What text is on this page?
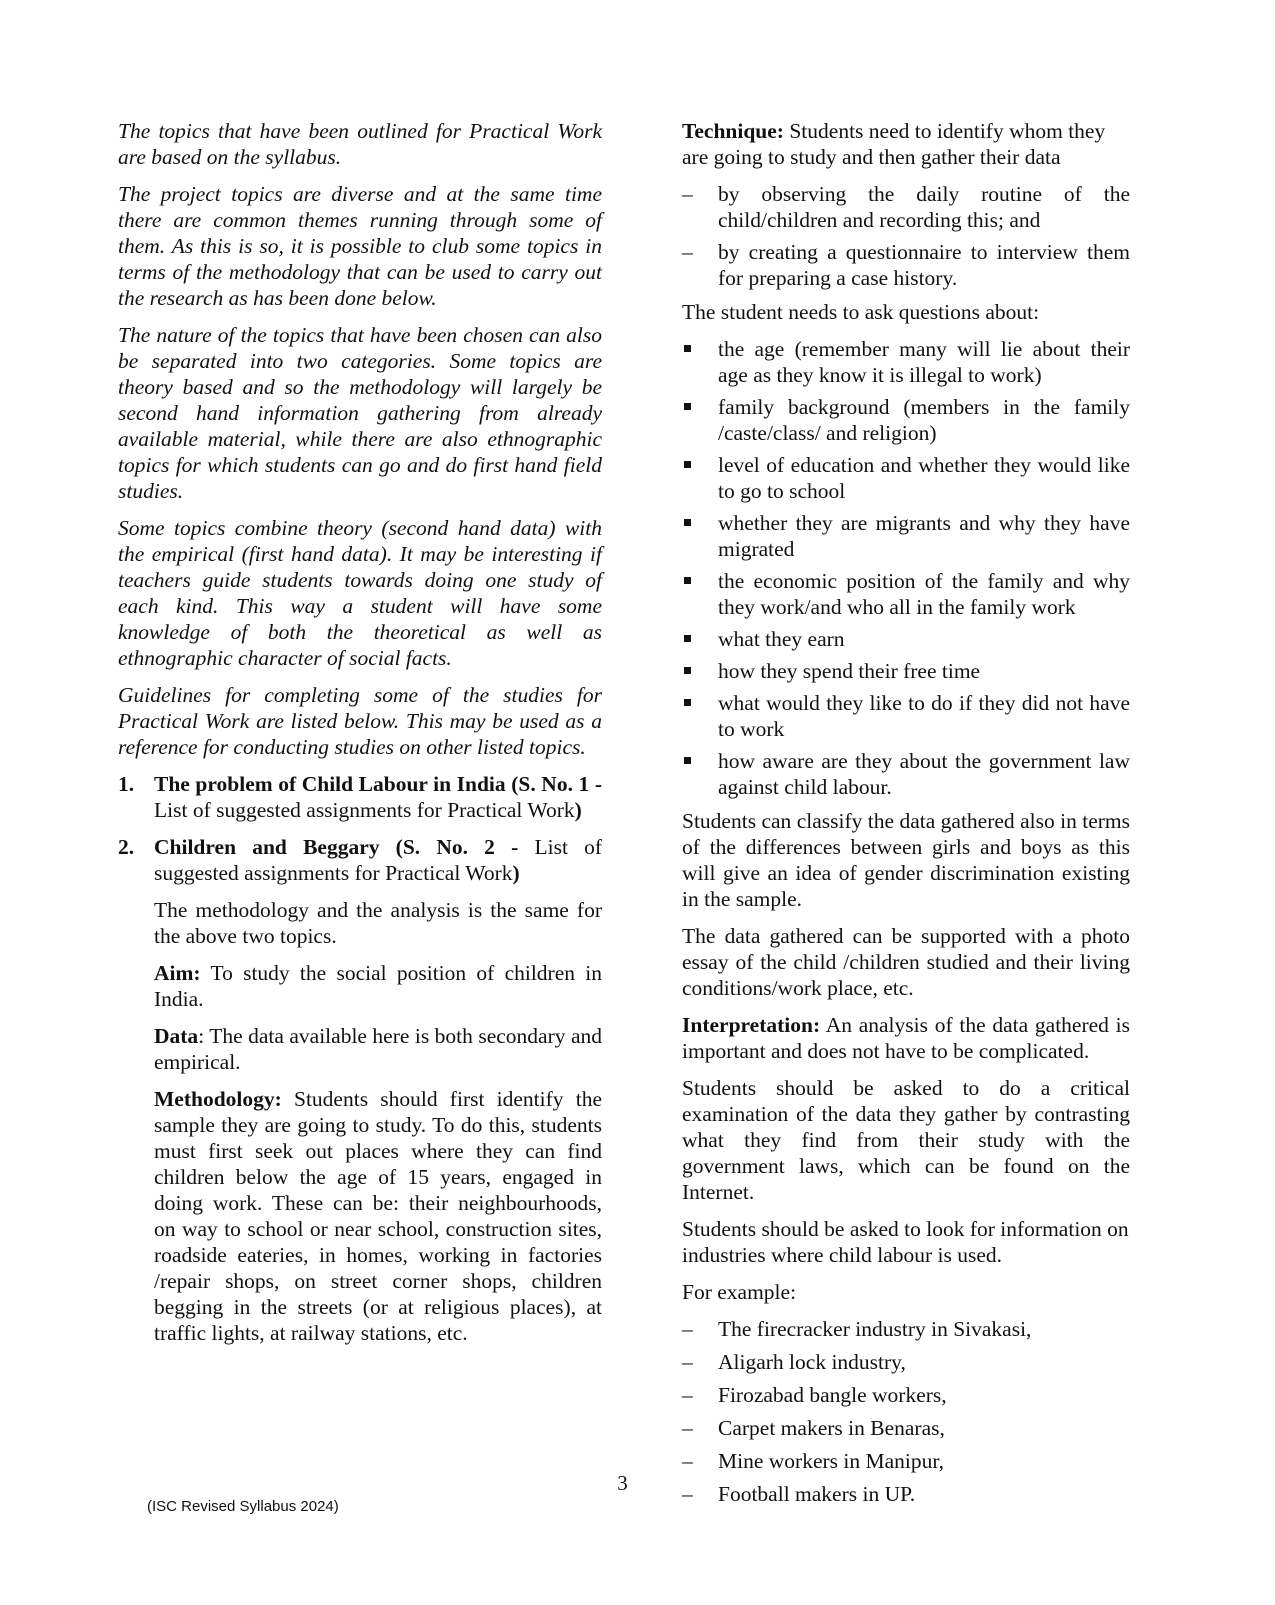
The topics that have been outlined for Practical Work are based on the syllabus.

The project topics are diverse and at the same time there are common themes running through some of them. As this is so, it is possible to club some topics in terms of the methodology that can be used to carry out the research as has been done below.

The nature of the topics that have been chosen can also be separated into two categories. Some topics are theory based and so the methodology will largely be second hand information gathering from already available material, while there are also ethnographic topics for which students can go and do first hand field studies.

Some topics combine theory (second hand data) with the empirical (first hand data). It may be interesting if teachers guide students towards doing one study of each kind. This way a student will have some knowledge of both the theoretical as well as ethnographic character of social facts.

Guidelines for completing some of the studies for Practical Work are listed below. This may be used as a reference for conducting studies on other listed topics.

1. The problem of Child Labour in India (S. No. 1 - List of suggested assignments for Practical Work)
2. Children and Beggary (S. No. 2 - List of suggested assignments for Practical Work)

The methodology and the analysis is the same for the above two topics.

Aim: To study the social position of children in India.

Data: The data available here is both secondary and empirical.

Methodology: Students should first identify the sample they are going to study. To do this, students must first seek out places where they can find children below the age of 15 years, engaged in doing work. These can be: their neighbourhoods, on way to school or near school, construction sites, roadside eateries, in homes, working in factories /repair shops, on street corner shops, children begging in the streets (or at religious places), at traffic lights, at railway stations, etc.

Technique: Students need to identify whom they are going to study and then gather their data

– by observing the daily routine of the child/children and recording this; and
– by creating a questionnaire to interview them for preparing a case history.

The student needs to ask questions about:

the age (remember many will lie about their age as they know it is illegal to work)
family background (members in the family /caste/class/ and religion)
level of education and whether they would like to go to school
whether they are migrants and why they have migrated
the economic position of the family and why they work/and who all in the family work
what they earn
how they spend their free time
what would they like to do if they did not have to work
how aware are they about the government law against child labour.

Students can classify the data gathered also in terms of the differences between girls and boys as this will give an idea of gender discrimination existing in the sample.

The data gathered can be supported with a photo essay of the child /children studied and their living conditions/work place, etc.

Interpretation: An analysis of the data gathered is important and does not have to be complicated.

Students should be asked to do a critical examination of the data they gather by contrasting what they find from their study with the government laws, which can be found on the Internet.

Students should be asked to look for information on industries where child labour is used.

For example:

– The firecracker industry in Sivakasi,
– Aligarh lock industry,
– Firozabad bangle workers,
– Carpet makers in Benaras,
– Mine workers in Manipur,
– Football makers in UP.
3
(ISC Revised Syllabus 2024)
